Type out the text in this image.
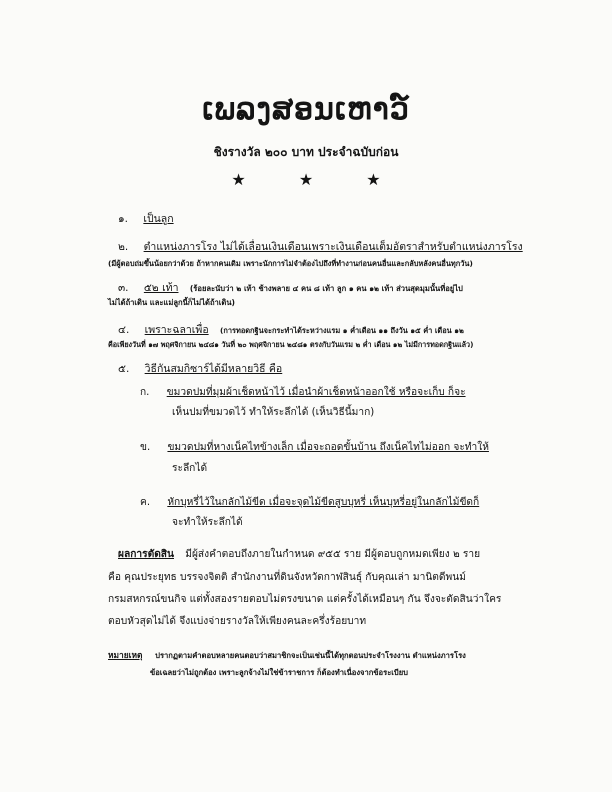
ເພລງສອນເຫາວ໌
ชิงรางวัล ๒๐๐ บาท ประจำฉบับก่อน
★ ★ ★
๑. เป็นลูก
๒. ตำแหน่งภารโรง ไม่ได้เลื่อนเงินเดือนเพราะเงินเดือนเต็มอัตราสำหรับตำแหน่งภารโรง
(มีผู้ตอบถ่มขึ้นน้อยกว่าด้วย ถ้าหากคนเดิม เพราะนักการไม่จำต้องไปถึงที่ทำงานก่อนคนอื่นและกลับหลังคนอื่นทุกวัน)
๓. ๕๒ เท้า (ร้อยละนับว่า ๒ เท้า ช้างพลาย ๔ คน ๘ เท้า ลูก ๑ คน ๑๒ เท้า ส่วนสุดมุมนั้นที่อยู่ไป
ไม่ได้ถ้าเดิน และแม่ลูกนี้ก็ไม่ได้ถ้าเดิน)
๔. เพราะฉลาเพื่อ (การทอดกฐินจะกระทำได้ระหว่างแรม ๑ ค่ำเดือน ๑๑ ถึงวัน ๑๕ ค่ำ เดือน ๑๒
คือเพียงวันที่ ๑๗ พฤศจิกายน ๒๔๘๑ วันที่ ๒๐ พฤศจิกายน ๒๔๘๑ ตรงกับวันแรม ๒ ค่ำ เดือน ๑๒ ไม่มีการทอดกฐินแล้ว)
๕. วิธีกันสมกิซาร์ได้มีหลายวิธี คือ
ก. ขมวดปมที่มุมผ้าเช็ดหน้าไว้ เมื่อนำผ้าเช็ดหน้าออกใช้ หรือจะเก็บ ก็จะ
เห็นปมที่ขมวดไว้ ทำให้ระลึกได้ (เห็นวิธีนี้มาก)
ข. ขมวดปมที่หางเน็คไทข้างเล็ก เมื่อจะถอดขั้นบ้าน ถึงเน็คไทไม่ออก จะทำให้
ระลึกได้
ค. หักบุหรี่ไว้ในกลักไม้ขีด เมื่อจะจุดไม้ขีดสูบบุหรี่ เห็นบุหรี่อยู่ในกลักไม้ขีดก็
จะทำให้ระลึกได้
ผลการตัดสิน มีผู้ส่งคำตอบถึงภายในกำหนด ๙๕๕ ราย มีผู้ตอบถูกหมดเพียง ๒ ราย
คือ คุณประยุทธ บรรจงจิตติ สำนักงานที่ดินจังหวัดกาฬสินธุ์ กับคุณเล่า มานิตดีพนม์
กรมสหกรณ์ขนกิจ แต่ทั้งสองรายตอบไม่ตรงขนาด แต่ครั้งได้เหมือนๆ กัน จึงจะตัดสินว่าใคร
ตอบหัวสุดไม่ได้ จึงแบ่งจ่ายรางวัลให้เพียงคนละครึ่งร้อยบาท
หมายเหตุ ปรากฏตามคำตอบหลายคนตอบว่าสมาชิกจะเป็นเช่นนี้ได้ทุกตอนประจำโรงงาน ตำแหน่งภารโรง
ข้อเฉลยว่าไม่ถูกต้อง เพราะลูกจ้างไม่ใช่ข้าราชการ ก็ต้องทำเนื่องจากข้อระเบียบ
